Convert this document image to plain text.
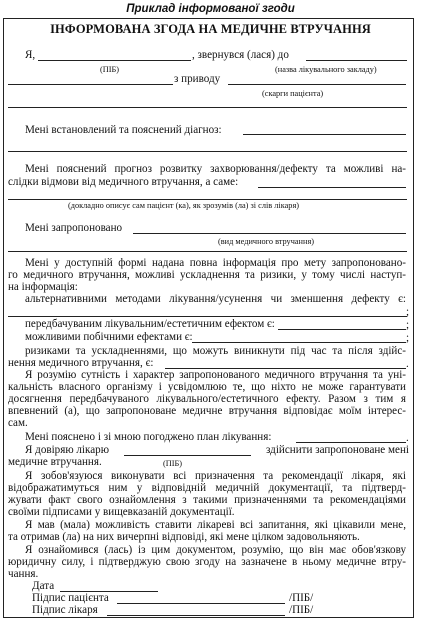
Приклад інформованої згоди
ІНФОРМОВАНА ЗГОДА НА МЕДИЧНЕ ВТРУЧАННЯ
Я,	, звернувся (лася) до
(ПІБ)	(назва лікувального закладу)
з приводу
(скарги пацієнта)
Мені встановлений та пояснений діагноз:
Мені пояснений прогноз розвитку захворювання/дефекту та можливі на-
слідки відмови від медичного втручання, а саме:
(докладно описує сам пацієнт (ка), як зрозумів (ла) зі слів лікаря)
Мені запропоновано
(вид медичного втручання)
Мені у доступній формі надана повна інформація про мету запропоновано-
го медичного втручання, можливі ускладнення та ризики, у тому числі наступ-
на інформація:
альтернативними методами лікування/усунення чи зменшення дефекту є:
;
передбачуваним лікувальним/естетичним ефектом є:	;
можливими побічними ефектами є:	;
ризиками та ускладненнями, що можуть виникнути під час та після здійс-
нення медичного втручання, є:	.
Я розумію сутність і характер запропонованого медичного втручання та уні-
кальність власного організму і усвідомлюю те, що ніхто не може гарантувати
досягнення передбачуваного лікувального/естетичного ефекту. Разом з тим я
впевнений (а), що запропоноване медичне втручання відповідає моїм інтерес-
сам.
Мені пояснено і зі мною погоджено план лікування:	.
Я довіряю лікарю	здійснити запропоноване мені
медичне втручання.	(ПІБ)
Я зобов'язуюся виконувати всі призначення та рекомендації лікаря, які
відображатимуться ним у відповідній медичній документації, та підтверд-
жувати факт свого ознайомлення з такими призначеннями та рекомендаціями
своїми підписами у вищевказаній документації.
Я мав (мала) можливість ставити лікареві всі запитання, які цікавили мене,
та отримав (ла) на них вичерпні відповіді, які мене цілком задовольняють.
Я ознайомився (лась) із цим документом, розумію, що він має обов'язкову
юридичну силу, і підтверджую свою згоду на зазначене в ньому медичне втру-
чання.
Дата
Підпис пацієнта	/ПІБ/
Підпис лікаря	/ПІБ/
